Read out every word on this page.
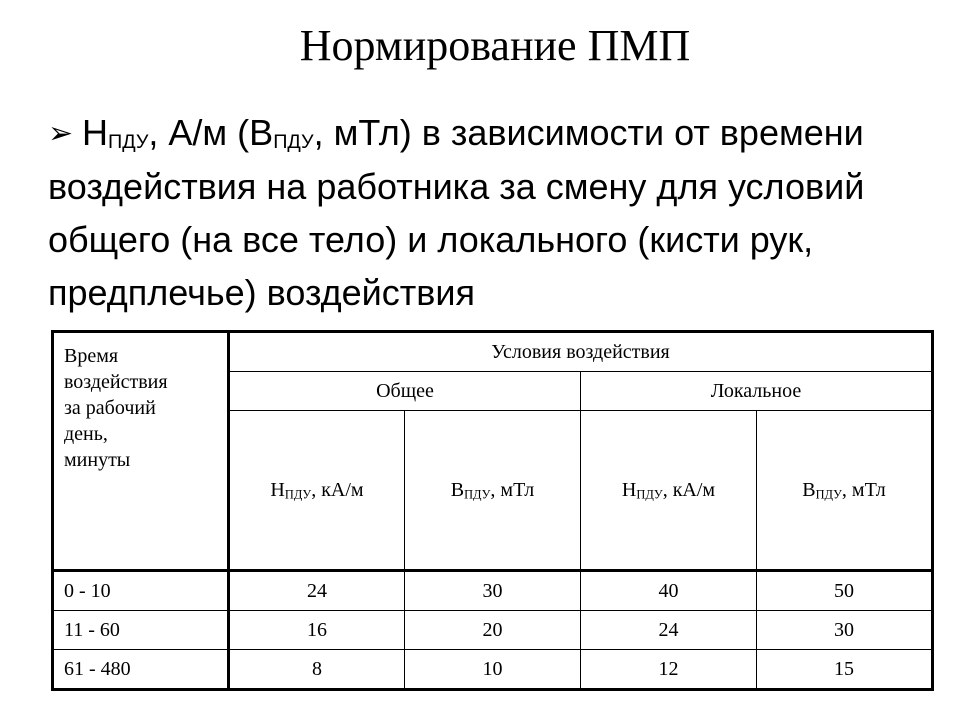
Нормирование ПМП
➢ $Н_{ПДУ}$, А/м ($В_{ПДУ}$, мТл) в зависимости от времени воздействия на работника за смену для условий общего (на все тело) и локального (кисти рук, предплечье) воздействия
Время
воздействия
за рабочий
день,
минуты	Условия воздействия			
	Общее		Локальное	
	$Н_{ПДУ}$, кА/м	$В_{ПДУ}$, мТл	$Н_{ПДУ}$, кА/м	$В_{ПДУ}$, мТл
0 - 10	24	30	40	50
11 - 60	16	20	24	30
61 - 480	8	10	12	15
